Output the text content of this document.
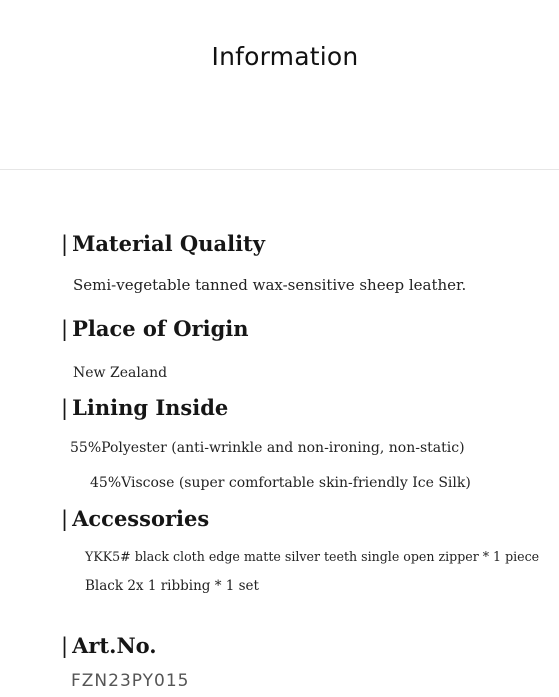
Information
| Material Quality
Semi-vegetable tanned wax-sensitive sheep leather.
| Place of Origin
New Zealand
| Lining Inside
55%Polyester (anti-wrinkle and non-ironing, non-static)
45%Viscose (super comfortable skin-friendly Ice Silk)
| Accessories
YKK5# black cloth edge matte silver teeth single open zipper * 1 piece
Black 2x 1 ribbing * 1 set
| Art.No.
FZN23PY015
